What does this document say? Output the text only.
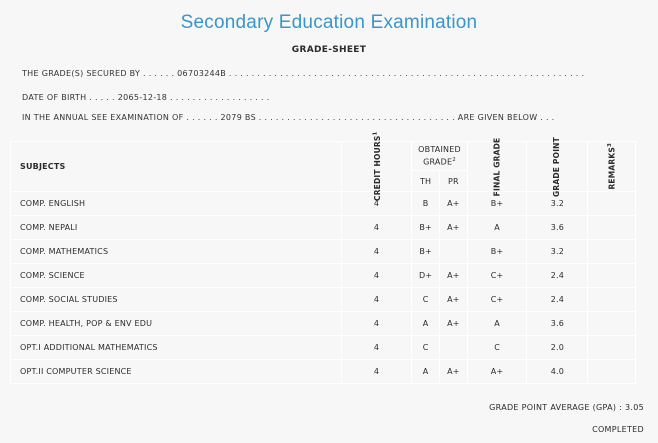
Secondary Education Examination
GRADE-SHEET
THE GRADE(S) SECURED BY . . . . . . 06703244B . . . . . . . . . . . . . . . . . . . . . . . . . . . . . . . . . . . . . . . . . . . . . . . . . . . . . . . . . . . . . . .
DATE OF BIRTH . . . . . 2065-12-18 . . . . . . . . . . . . . . . . . .
IN THE ANNUAL SEE EXAMINATION OF . . . . . . 2079 BS . . . . . . . . . . . . . . . . . . . . . . . . . . . . . . . . . . . ARE GIVEN BELOW . . .
SUBJECTS	CREDIT HOURS$^1$	OBTAINED GRADE$^2$		FINAL GRADE	GRADE POINT	REMARKS$^3$
		TH	PR			
COMP. ENGLISH	4	B	A+	B+	3.2	
COMP. NEPALI	4	B+	A+	A	3.6	
COMP. MATHEMATICS	4	B+		B+	3.2	
COMP. SCIENCE	4	D+	A+	C+	2.4	
COMP. SOCIAL STUDIES	4	C	A+	C+	2.4	
COMP. HEALTH, POP & ENV EDU	4	A	A+	A	3.6	
OPT.I ADDITIONAL MATHEMATICS	4	C		C	2.0	
OPT.II COMPUTER SCIENCE	4	A	A+	A+	4.0	
GRADE POINT AVERAGE (GPA) : 3.05
COMPLETED
